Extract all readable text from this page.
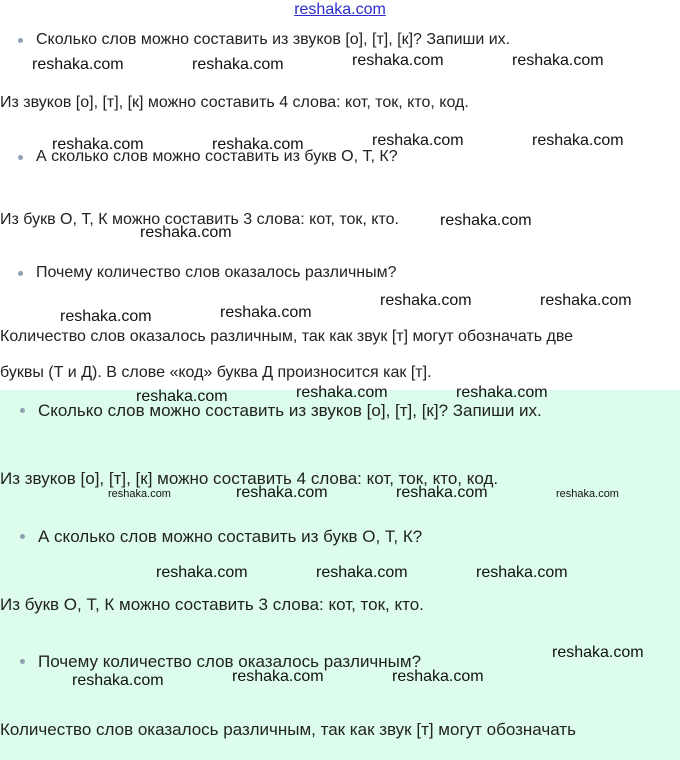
reshaka.com
Сколько слов можно составить из звуков [о], [т], [к]? Запиши их.
Из звуков [о], [т], [к] можно составить 4 слова: кот, ток, кто, код.
А сколько слов можно составить из букв О, Т, К?
Из букв О, Т, К можно составить 3 слова: кот, ток, кто.
Почему количество слов оказалось различным?
Количество слов оказалось различным, так как звук [т] могут обозначать две
буквы (Т и Д). В слове «код» буква Д произносится как [т].
Сколько слов можно составить из звуков [о], [т], [к]? Запиши их.
Из звуков [о], [т], [к] можно составить 4 слова: кот, ток, кто, код.
А сколько слов можно составить из букв О, Т, К?
Из букв О, Т, К можно составить 3 слова: кот, ток, кто.
Почему количество слов оказалось различным?
Количество слов оказалось различным, так как звук [т] могут обозначать
reshaka.com	reshaka.com	reshaka.com	reshaka.com
reshaka.com	reshaka.com	reshaka.com	reshaka.com
reshaka.com
reshaka.com
reshaka.com	reshaka.com
reshaka.com	reshaka.com
reshaka.com	reshaka.com
reshaka.com
reshaka.com	reshaka.com	reshaka.com	reshaka.com
reshaka.com	reshaka.com	reshaka.com
reshaka.com
reshaka.com	reshaka.com	reshaka.com
